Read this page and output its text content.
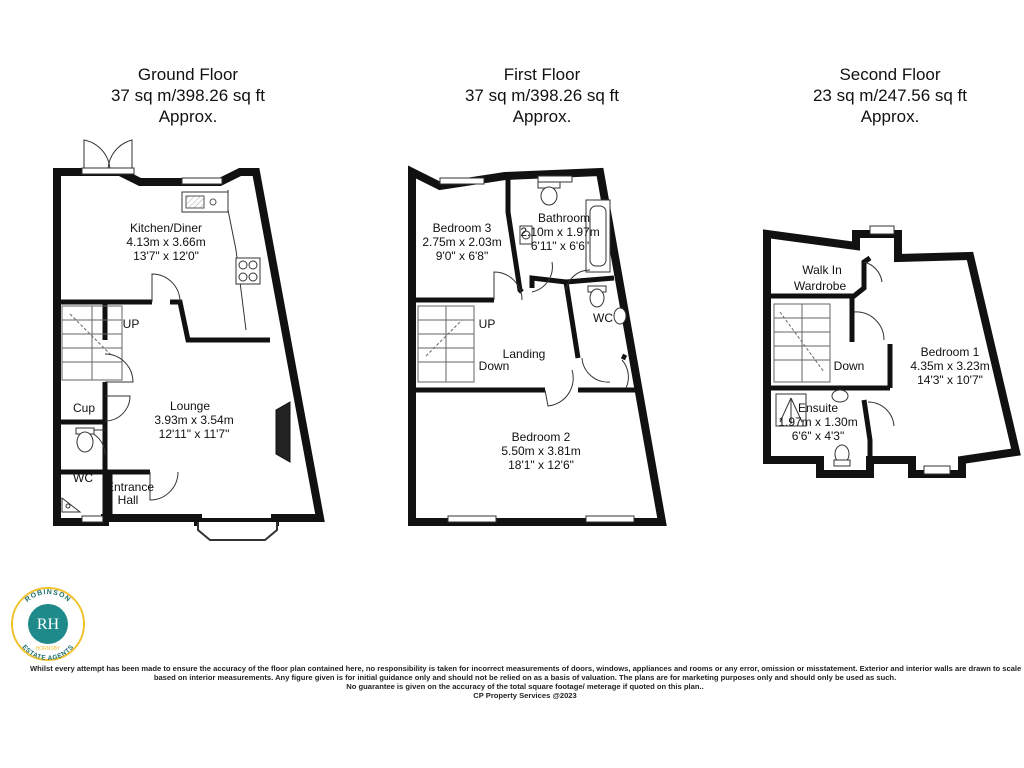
Ground Floor
37 sq m/398.26 sq ft
Approx.
First Floor
37 sq m/398.26 sq ft
Approx.
Second Floor
23 sq m/247.56 sq ft
Approx.
Kitchen/Diner
4.13m x 3.66m
13'7" x 12'0"
UP
Lounge
3.93m x 3.54m
12'11" x 11'7"
Cup
WC
Entrance
Hall
Bedroom 3
2.75m x 2.03m
9'0" x 6'8"
Bathroom
2.10m x 1.97m
6'11" x 6'6"
UP	WC
Landing
Down
Bedroom 2
5.50m x 3.81m
18'1" x 12'6"
Walk In
Wardrobe
Down
Bedroom 1
4.35m x 3.23m
14'3" x 10'7"
Ensuite
1.97m x 1.30m
6'6" x 4'3"
RH
ROBINSON
ESTATE AGENTS
HORNSBY
Whilst every attempt has been made to ensure the accuracy of the floor plan contained here, no responsibility is taken for incorrect measurements of doors, windows, appliances and rooms or any error, omission or misstatement. Exterior and interior walls are drawn to scale
based on interior measurements. Any figure given is for initial guidance only and should not be relied on as a basis of valuation. The plans are for marketing purposes only and should only be used as such.
No guarantee is given on the accuracy of the total square footage/ meterage if quoted on this plan..
CP Property Services @2023
